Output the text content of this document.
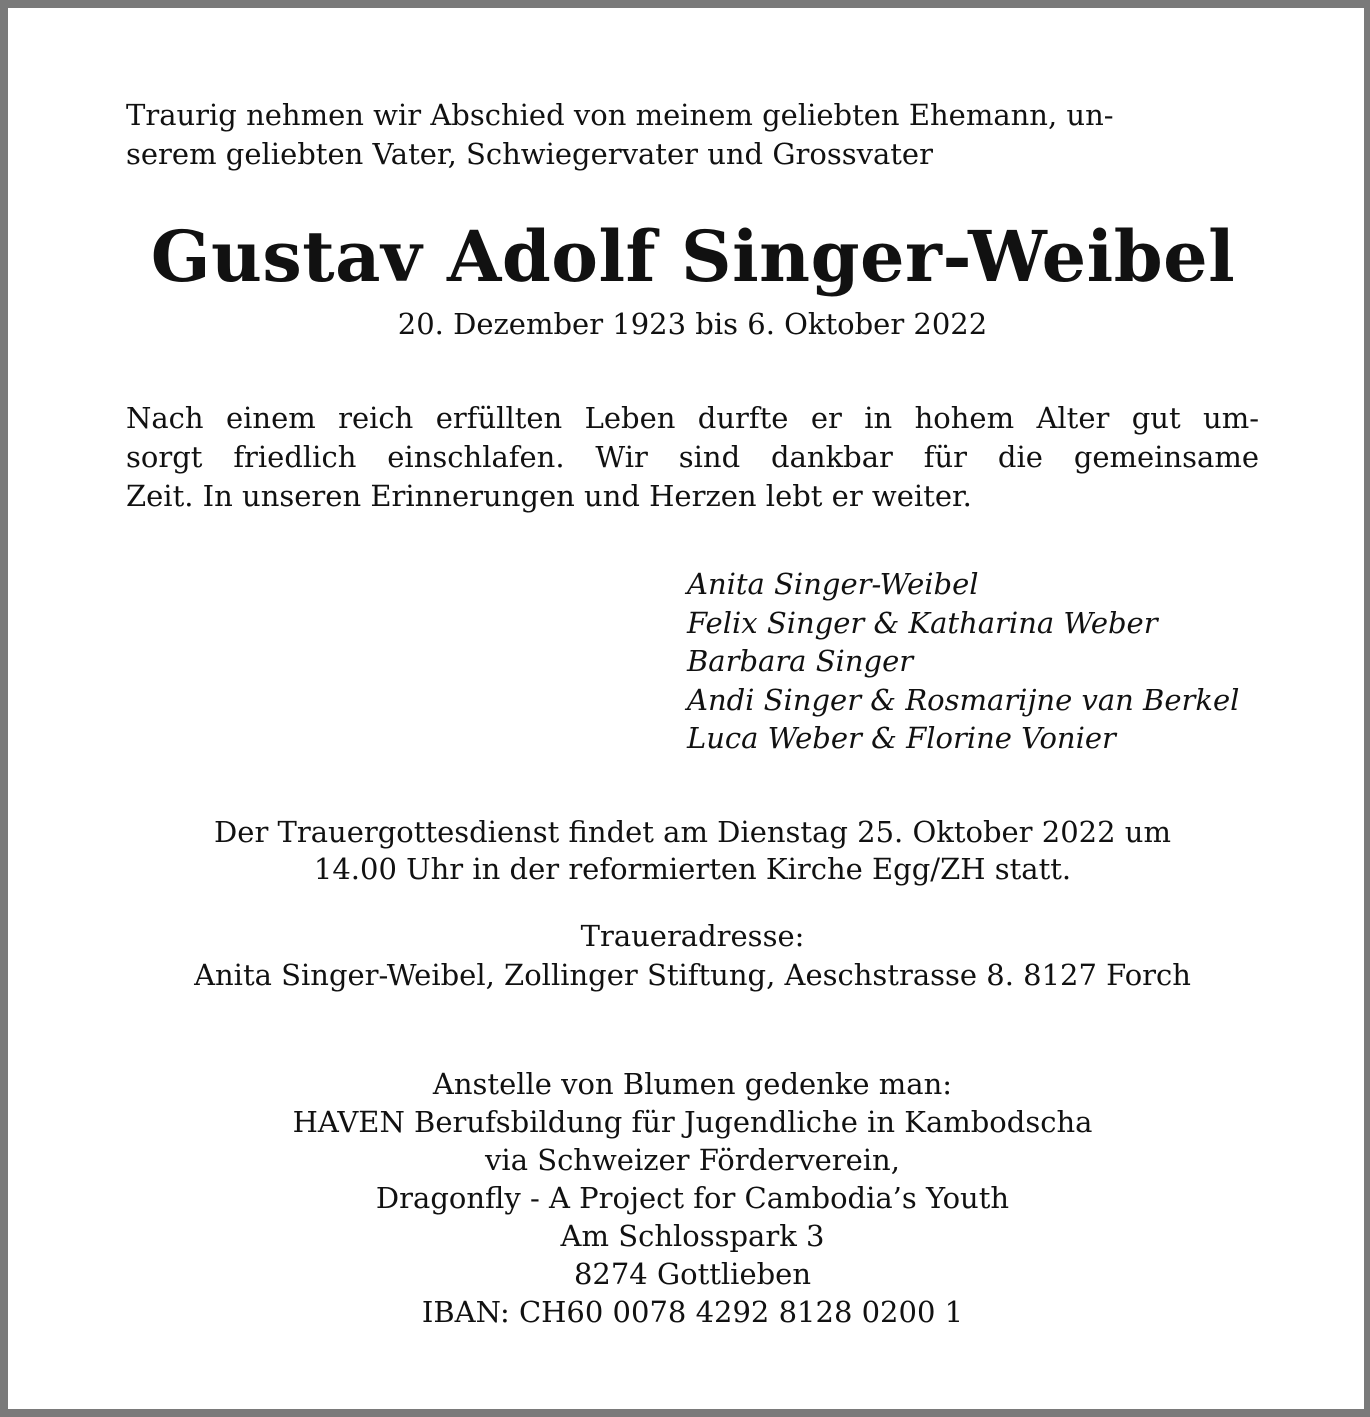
Traurig nehmen wir Abschied von meinem geliebten Ehemann, un-
serem geliebten Vater, Schwiegervater und Grossvater

Gustav Adolf Singer-Weibel

20. Dezember 1923 bis 6. Oktober 2022

Nach einem reich erfüllten Leben durfte er in hohem Alter gut um-
sorgt friedlich einschlafen. Wir sind dankbar für die gemeinsame
Zeit. In unseren Erinnerungen und Herzen lebt er weiter.

Anita Singer-Weibel
Felix Singer & Katharina Weber
Barbara Singer
Andi Singer & Rosmarijne van Berkel
Luca Weber & Florine Vonier

Der Trauergottesdienst findet am Dienstag 25. Oktober 2022 um
14.00 Uhr in der reformierten Kirche Egg/ZH statt.

Traueradresse:
Anita Singer-Weibel, Zollinger Stiftung, Aeschstrasse 8. 8127 Forch

Anstelle von Blumen gedenke man:
HAVEN Berufsbildung für Jugendliche in Kambodscha
via Schweizer Förderverein,
Dragonfly - A Project for Cambodia’s Youth
Am Schlosspark 3
8274 Gottlieben
IBAN: CH60 0078 4292 8128 0200 1
